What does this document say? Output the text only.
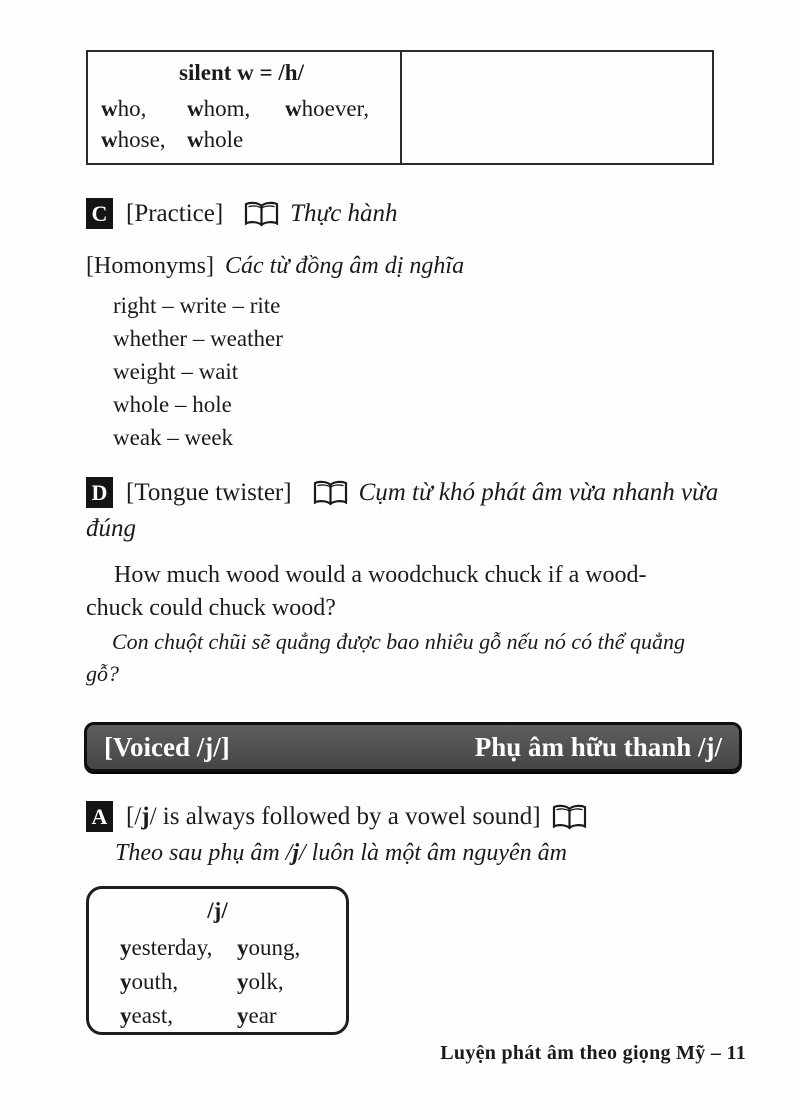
silent w = /h/
who,	whom,	whoever,
whose, whole
C [Practice]	Thực hành
[Homonyms] Các từ đồng âm dị nghĩa
right – write – rite
whether – weather
weight – wait
whole – hole
weak – week
D [Tongue twister]	Cụm từ khó phát âm vừa nhanh vừa
đúng

How much wood would a woodchuck chuck if a wood-
chuck could chuck wood?

Con chuột chũi sẽ quẳng được bao nhiêu gỗ nếu nó có thể quẳng
gỗ?

[Voiced /j/]	Phụ âm hữu thanh /j/
A [/j/ is always followed by a vowel sound]
Theo sau phụ âm /j/ luôn là một âm nguyên âm
/j/
yesterday,	young,
youth,	yolk,
yeast,	year
Luyện phát âm theo giọng Mỹ – 11
